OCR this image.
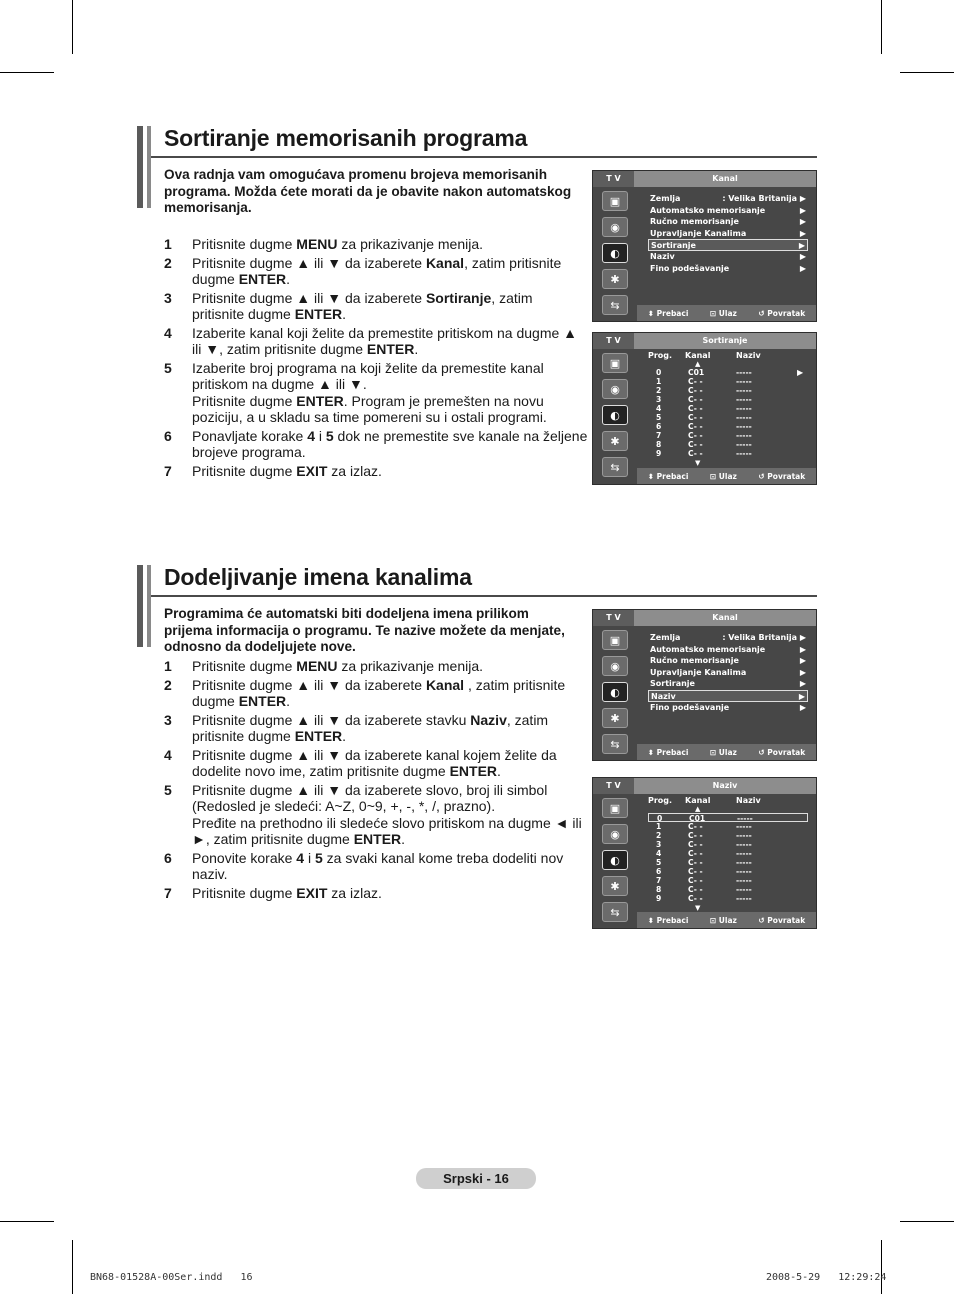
Sortiranje memorisanih programa
Ova radnja vam omogućava promenu brojeva memorisanih programa. Možda ćete morati da je obavite nakon automatskog memorisanja.
1	Pritisnite dugme MENU za prikazivanje menija.
2	Pritisnite dugme ▲ ili ▼ da izaberete Kanal, zatim pritisnite dugme ENTER.
3	Pritisnite dugme ▲ ili ▼ da izaberete Sortiranje, zatim pritisnite dugme ENTER.
4	Izaberite kanal koji želite da premestite pritiskom na dugme ▲ ili ▼, zatim pritisnite dugme ENTER.
5	Izaberite broj programa na koji želite da premestite kanal pritiskom na dugme ▲ ili ▼.
Pritisnite dugme ENTER. Program je premešten na novu poziciju, a u skladu sa time pomereni su i ostali programi.
6	Ponavljate korake 4 i 5 dok ne premestite sve kanale na željene brojeve programa.
7	Pritisnite dugme EXIT za izlaz.
T V	Kanal
▣
◉
◐
✱
⇆
Zemlja	: Velika Britanija ▶
Automatsko memorisanje	▶
Ručno memorisanje	▶
Upravljanje Kanalima	▶
Sortiranje	▶
Naziv	▶
Fino podešavanje	▶
⬍ Prebaci	⊡ Ulaz	↺ Povratak
T V	Sortiranje
▣
◉
◐
✱
⇆
Prog. Kanal	Naziv
▲
0	C01	-----
1	C- -	-----
2	C- -	-----
3	C- -	-----
4	C- -	-----
5	C- -	-----
6	C- -	-----
7	C- -	-----
8	C- -	-----
9	C- -	-----
▶
▼
⬍ Prebaci	⊡ Ulaz	↺ Povratak
Dodeljivanje imena kanalima
Programima će automatski biti dodeljena imena prilikom prijema informacija o programu. Te nazive možete da menjate, odnosno da dodeljujete nove.
1	Pritisnite dugme MENU za prikazivanje menija.
2	Pritisnite dugme ▲ ili ▼ da izaberete Kanal , zatim pritisnite dugme ENTER.
3	Pritisnite dugme ▲ ili ▼ da izaberete stavku Naziv, zatim pritisnite dugme ENTER.
4	Pritisnite dugme ▲ ili ▼ da izaberete kanal kojem želite da dodelite novo ime, zatim pritisnite dugme ENTER.
5	Pritisnite dugme ▲ ili ▼ da izaberete slovo, broj ili simbol (Redosled je sledeći: A~Z, 0~9, +, -, *, /, prazno).
Pređite na prethodno ili sledeće slovo pritiskom na dugme ◄ ili ►, zatim pritisnite dugme ENTER.
6	Ponovite korake 4 i 5 za svaki kanal kome treba dodeliti nov naziv.
7	Pritisnite dugme EXIT za izlaz.
T V	Kanal
▣
◉
◐
✱
⇆
Zemlja	: Velika Britanija ▶
Automatsko memorisanje	▶
Ručno memorisanje	▶
Upravljanje Kanalima	▶
Sortiranje	▶
Naziv	▶
Fino podešavanje	▶
⬍ Prebaci	⊡ Ulaz	↺ Povratak
T V	Naziv
▣
◉
◐
✱
⇆
Prog. Kanal	Naziv
▲
0	C01	-----
1	C- -	-----
2	C- -	-----
3	C- -	-----
4	C- -	-----
5	C- -	-----
6	C- -	-----
7	C- -	-----
8	C- -	-----
9	C- -	-----
▼
⬍ Prebaci	⊡ Ulaz	↺ Povratak
Srpski - 16
BN68-01528A-00Ser.indd   16	2008-5-29   12:29:24
